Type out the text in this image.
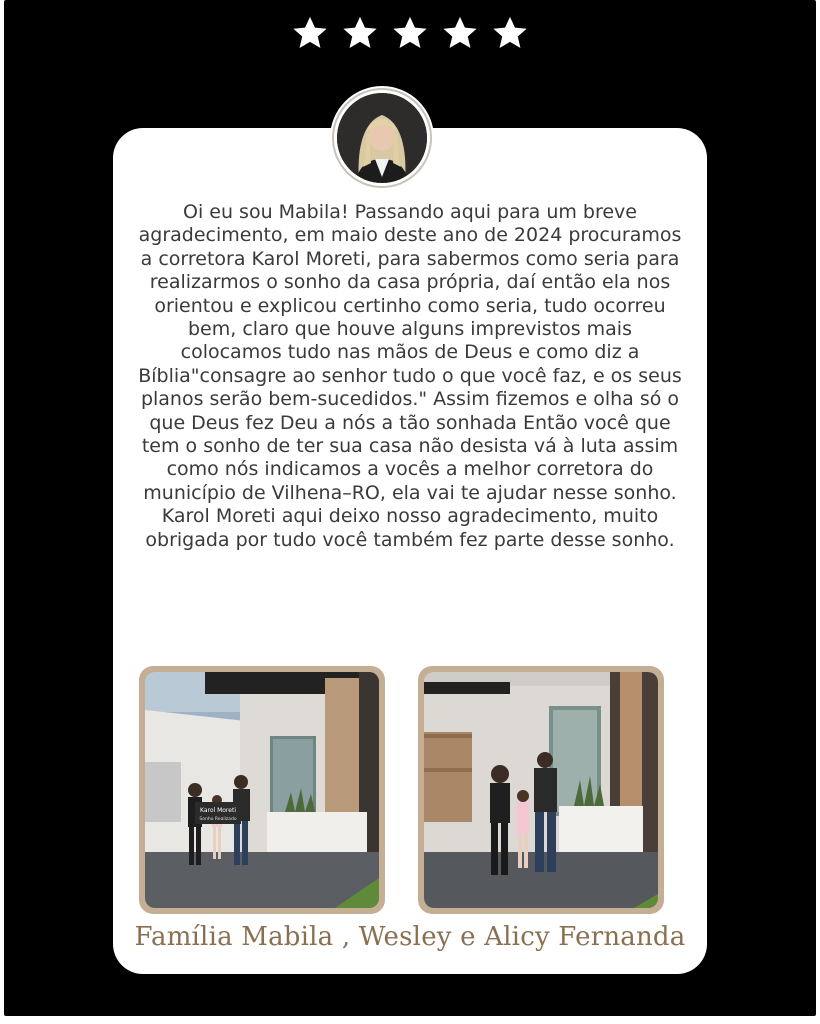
Oi eu sou Mabila! Passando aqui para um breve agradecimento, em maio deste ano de 2024 procuramos a corretora Karol Moreti, para sabermos como seria para realizarmos o sonho da casa própria, daí então ela nos orientou e explicou certinho como seria, tudo ocorreu bem, claro que houve alguns imprevistos mais colocamos tudo nas mãos de Deus e como diz a Bíblia"consagre ao senhor tudo o que você faz, e os seus planos serão bem-sucedidos." Assim fizemos e olha só o que Deus fez Deu a nós a tão sonhada Então você que tem o sonho de ter sua casa não desista vá à luta assim como nós indicamos a vocês a melhor corretora do município de Vilhena–RO, ela vai te ajudar nesse sonho.

Karol Moreti aqui deixo nosso agradecimento, muito obrigada por tudo você também fez parte desse sonho.

Karol Moreti
Sonho Realizado
Família Mabila , Wesley e Alicy Fernanda
